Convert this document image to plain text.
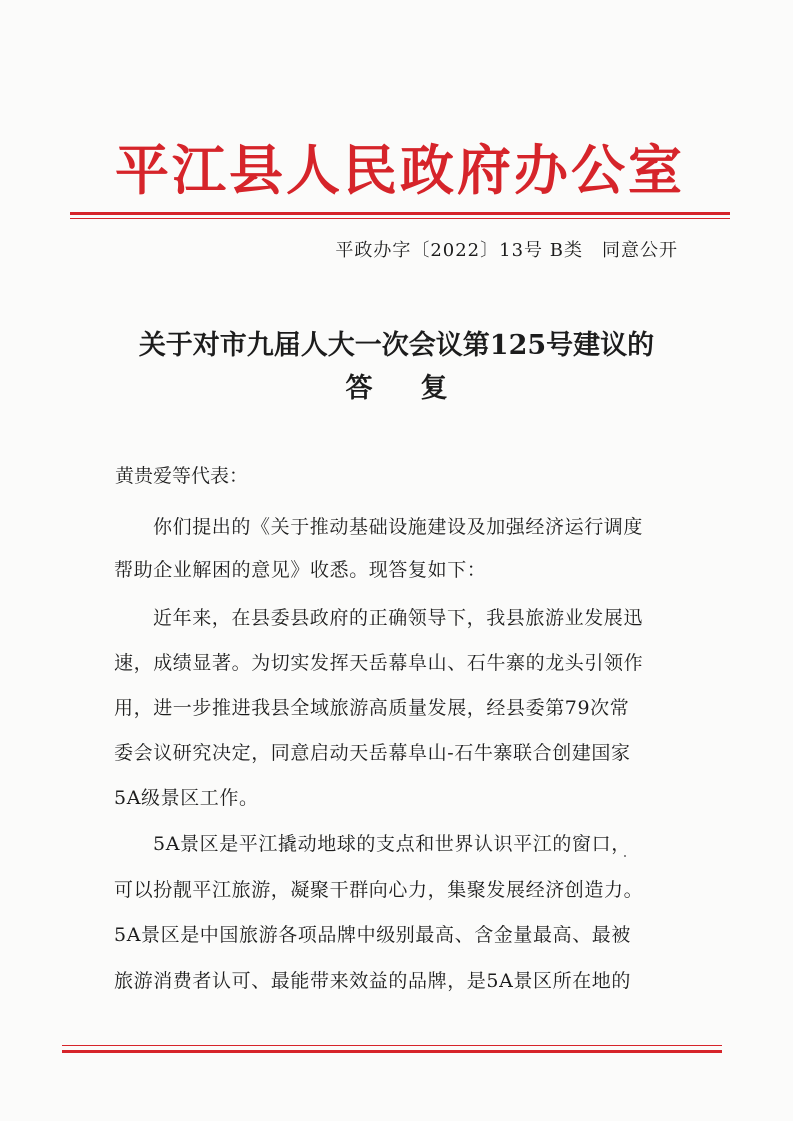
平江县人民政府办公室
平政办字〔2022〕13号 B类　同意公开
关于对市九届人大一次会议第125号建议的
答复
黄贵爱等代表：
你们提出的《关于推动基础设施建设及加强经济运行调度
帮助企业解困的意见》收悉。现答复如下：
近年来，在县委县政府的正确领导下，我县旅游业发展迅
速，成绩显著。为切实发挥天岳幕阜山、石牛寨的龙头引领作
用，进一步推进我县全域旅游高质量发展，经县委第79次常
委会议研究决定，同意启动天岳幕阜山-石牛寨联合创建国家
5A级景区工作。
5A景区是平江撬动地球的支点和世界认识平江的窗口，
可以扮靓平江旅游，凝聚干群向心力，集聚发展经济创造力。
5A景区是中国旅游各项品牌中级别最高、含金量最高、最被
旅游消费者认可、最能带来效益的品牌，是5A景区所在地的
